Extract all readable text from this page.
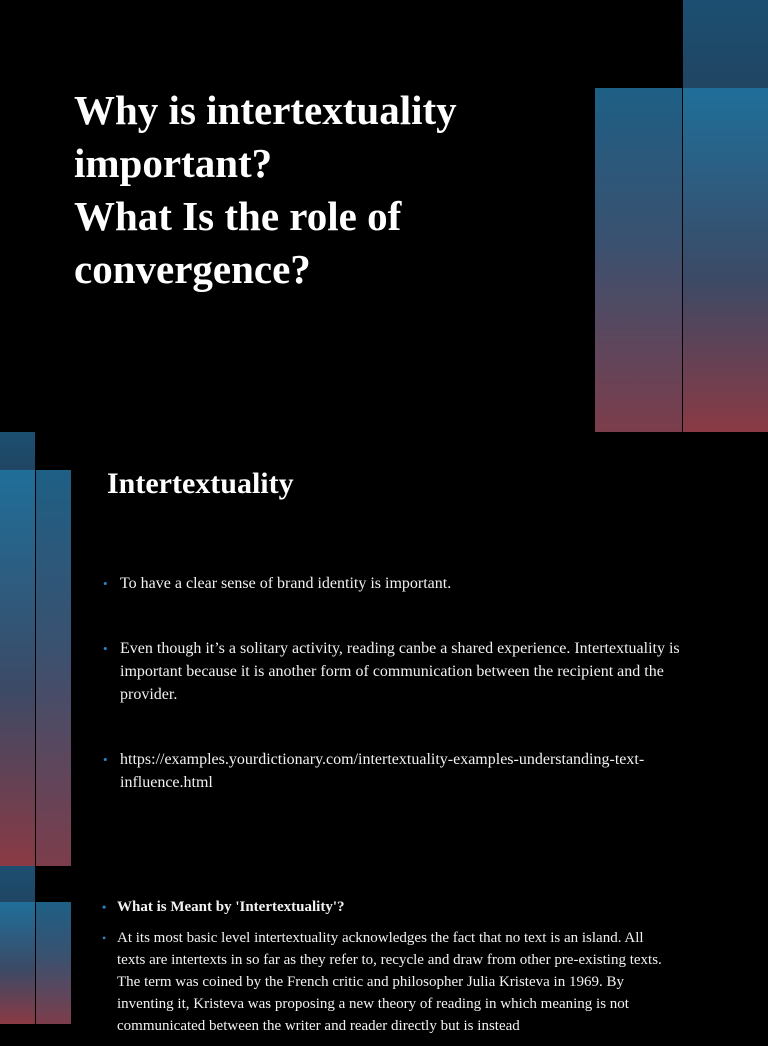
Why is intertextuality
important?
What Is the role of
convergence?
Intertextuality
• To have a clear sense of brand identity is important.
• Even though it’s a solitary activity, reading canbe a shared experience. Intertextuality is important because it is another form of communication between the recipient and the provider.
• https://examples.yourdictionary.com/intertextuality-examples-understanding-text-influence.html
• What is Meant by 'Intertextuality'?
• At its most basic level intertextuality acknowledges the fact that no text is an island. All texts are intertexts in so far as they refer to, recycle and draw from other pre-existing texts. The term was coined by the French critic and philosopher Julia Kristeva in 1969. By inventing it, Kristeva was proposing a new theory of reading in which meaning is not communicated between the writer and reader directly but is instead
